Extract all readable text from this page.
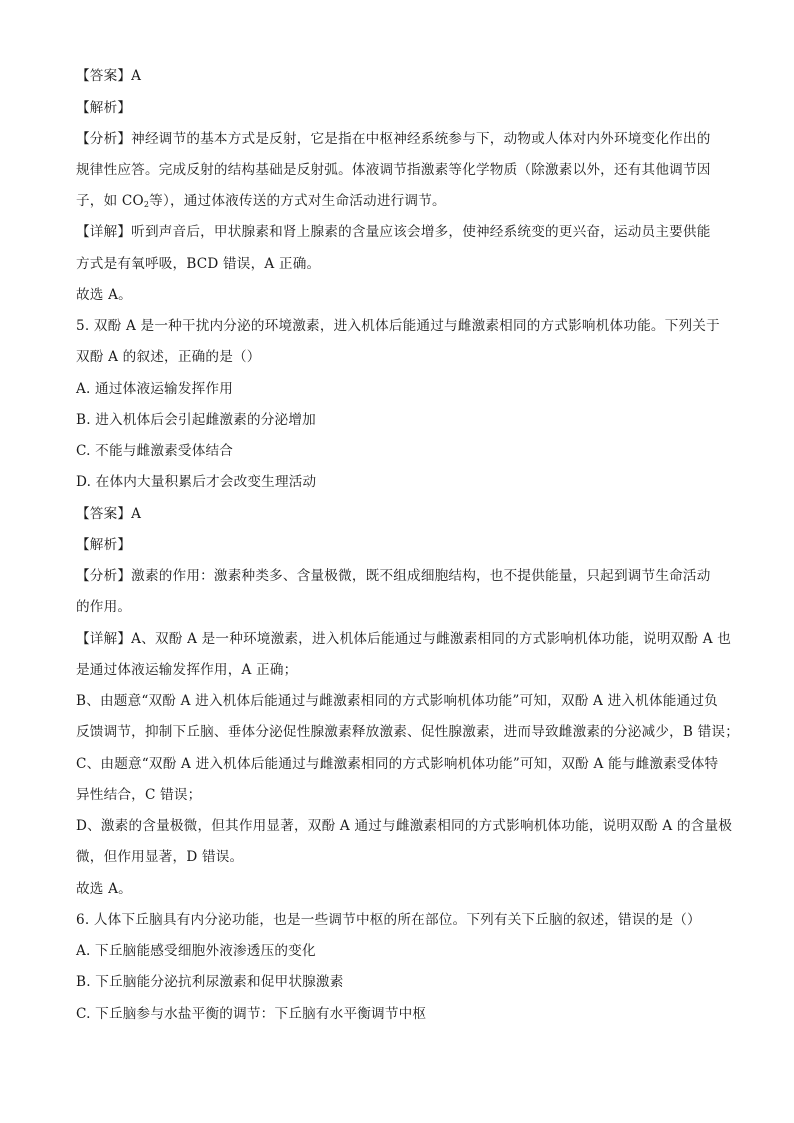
【答案】A
【解析】
【分析】神经调节的基本方式是反射，它是指在中枢神经系统参与下，动物或人体对内外环境变化作出的
规律性应答。完成反射的结构基础是反射弧。体液调节指激素等化学物质（除激素以外，还有其他调节因
子，如 $CO_2$等），通过体液传送的方式对生命活动进行调节。
【详解】听到声音后，甲状腺素和肾上腺素的含量应该会增多，使神经系统变的更兴奋，运动员主要供能
方式是有氧呼吸，BCD 错误，A 正确。
故选 A。
5. 双酚 A 是一种干扰内分泌的环境激素，进入机体后能通过与雌激素相同的方式影响机体功能。下列关于
双酚 A 的叙述，正确的是（）
A. 通过体液运输发挥作用
B. 进入机体后会引起雌激素的分泌增加
C. 不能与雌激素受体结合
D. 在体内大量积累后才会改变生理活动
【答案】A
【解析】
【分析】激素的作用：激素种类多、含量极微，既不组成细胞结构，也不提供能量，只起到调节生命活动
的作用。
【详解】A、双酚 A 是一种环境激素，进入机体后能通过与雌激素相同的方式影响机体功能，说明双酚 A 也
是通过体液运输发挥作用，A 正确；
B、由题意“双酚 A 进入机体后能通过与雌激素相同的方式影响机体功能”可知，双酚 A 进入机体能通过负
反馈调节，抑制下丘脑、垂体分泌促性腺激素释放激素、促性腺激素，进而导致雌激素的分泌减少，B 错误；
C、由题意“双酚 A 进入机体后能通过与雌激素相同的方式影响机体功能”可知，双酚 A 能与雌激素受体特
异性结合，C 错误；
D、激素的含量极微，但其作用显著，双酚 A 通过与雌激素相同的方式影响机体功能，说明双酚 A 的含量极
微，但作用显著，D 错误。
故选 A。
6. 人体下丘脑具有内分泌功能，也是一些调节中枢的所在部位。下列有关下丘脑的叙述，错误的是（）
A. 下丘脑能感受细胞外液渗透压的变化
B. 下丘脑能分泌抗利尿激素和促甲状腺激素
C. 下丘脑参与水盐平衡的调节：下丘脑有水平衡调节中枢
